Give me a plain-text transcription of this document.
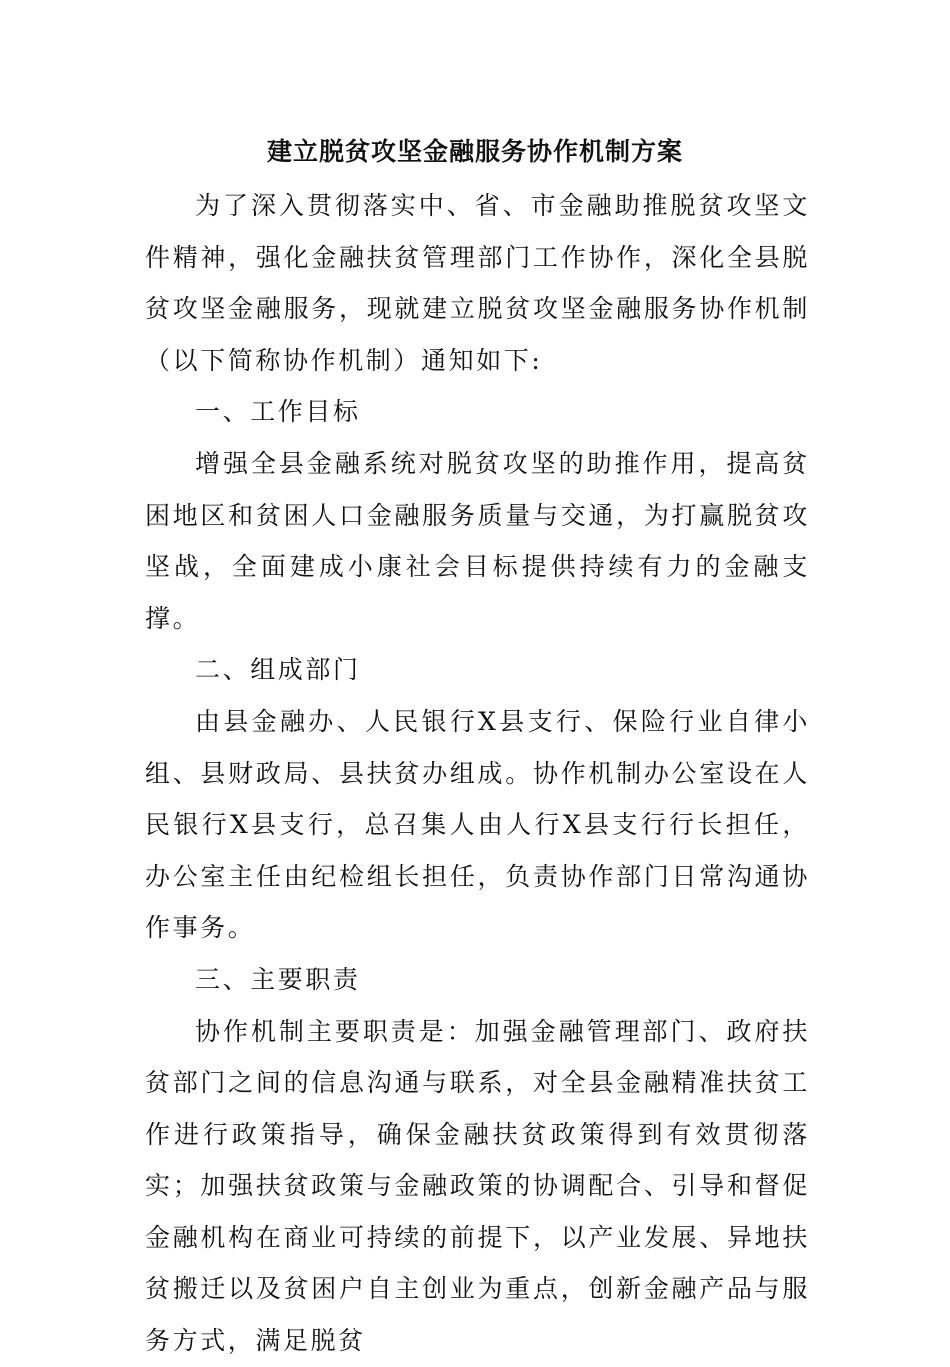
建立脱贫攻坚金融服务协作机制方案

为了深入贯彻落实中、省、市金融助推脱贫攻坚文件精神，强化金融扶贫管理部门工作协作，深化全县脱贫攻坚金融服务，现就建立脱贫攻坚金融服务协作机制（以下简称协作机制）通知如下:

一、工作目标

增强全县金融系统对脱贫攻坚的助推作用，提高贫困地区和贫困人口金融服务质量与交通，为打赢脱贫攻坚战，全面建成小康社会目标提供持续有力的金融支撑。

二、组成部门

由县金融办、人民银行X县支行、保险行业自律小组、县财政局、县扶贫办组成。协作机制办公室设在人民银行X县支行，总召集人由人行X县支行行长担任，办公室主任由纪检组长担任，负责协作部门日常沟通协作事务。

三、主要职责

协作机制主要职责是：加强金融管理部门、政府扶贫部门之间的信息沟通与联系，对全县金融精准扶贫工作进行政策指导，确保金融扶贫政策得到有效贯彻落实；加强扶贫政策与金融政策的协调配合、引导和督促金融机构在商业可持续的前提下，以产业发展、异地扶贫搬迁以及贫困户自主创业为重点，创新金融产品与服务方式，满足脱贫
